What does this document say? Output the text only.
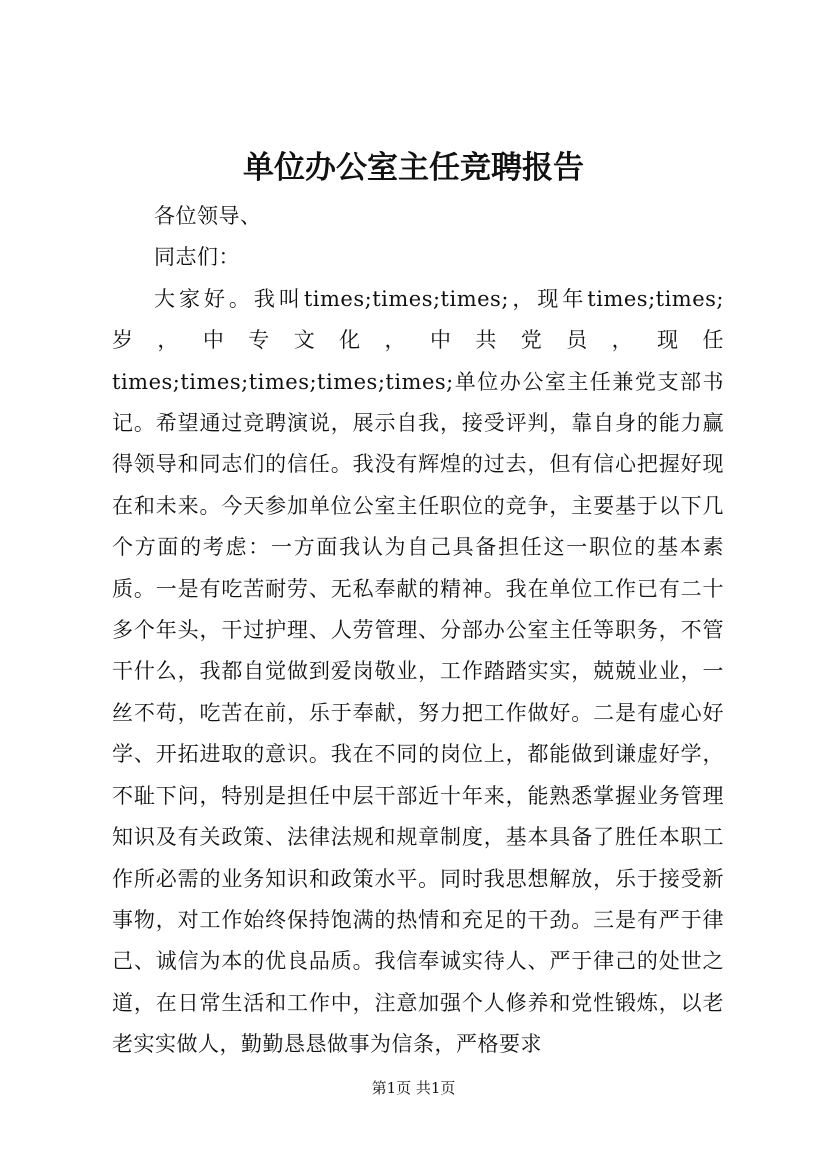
单位办公室主任竞聘报告

各位领导、

同志们：

大家好。我叫times;times;times;，现年times;times;岁，中专文化，中共党员，现任times;times;times;times;times;单位办公室主任兼党支部书记。希望通过竞聘演说，展示自我，接受评判，靠自身的能力赢得领导和同志们的信任。我没有辉煌的过去，但有信心把握好现在和未来。今天参加单位公室主任职位的竞争，主要基于以下几个方面的考虑：一方面我认为自己具备担任这一职位的基本素质。一是有吃苦耐劳、无私奉献的精神。我在单位工作已有二十多个年头，干过护理、人劳管理、分部办公室主任等职务，不管干什么，我都自觉做到爱岗敬业，工作踏踏实实，兢兢业业，一丝不苟，吃苦在前，乐于奉献，努力把工作做好。二是有虚心好学、开拓进取的意识。我在不同的岗位上，都能做到谦虚好学，不耻下问，特别是担任中层干部近十年来，能熟悉掌握业务管理知识及有关政策、法律法规和规章制度，基本具备了胜任本职工作所必需的业务知识和政策水平。同时我思想解放，乐于接受新事物，对工作始终保持饱满的热情和充足的干劲。三是有严于律己、诚信为本的优良品质。我信奉诚实待人、严于律己的处世之道，在日常生活和工作中，注意加强个人修养和党性锻炼，以老老实实做人，勤勤恳恳做事为信条，严格要求

第1页 共1页
